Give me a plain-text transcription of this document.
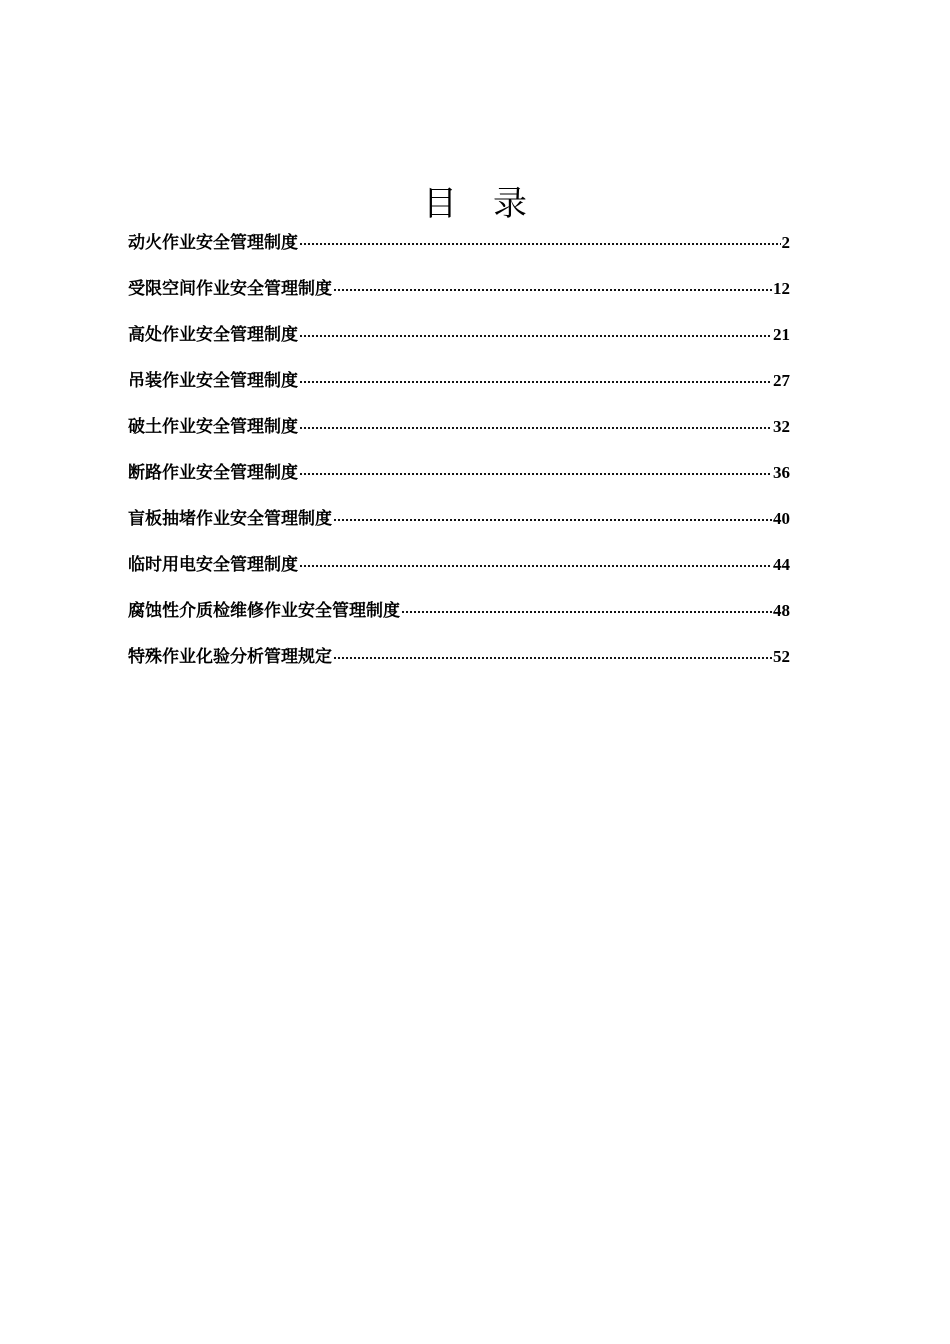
目 录
动火作业安全管理制度	2
受限空间作业安全管理制度	12
高处作业安全管理制度	21
吊装作业安全管理制度	27
破土作业安全管理制度	32
断路作业安全管理制度	36
盲板抽堵作业安全管理制度	40
临时用电安全管理制度	44
腐蚀性介质检维修作业安全管理制度	48
特殊作业化验分析管理规定	52
